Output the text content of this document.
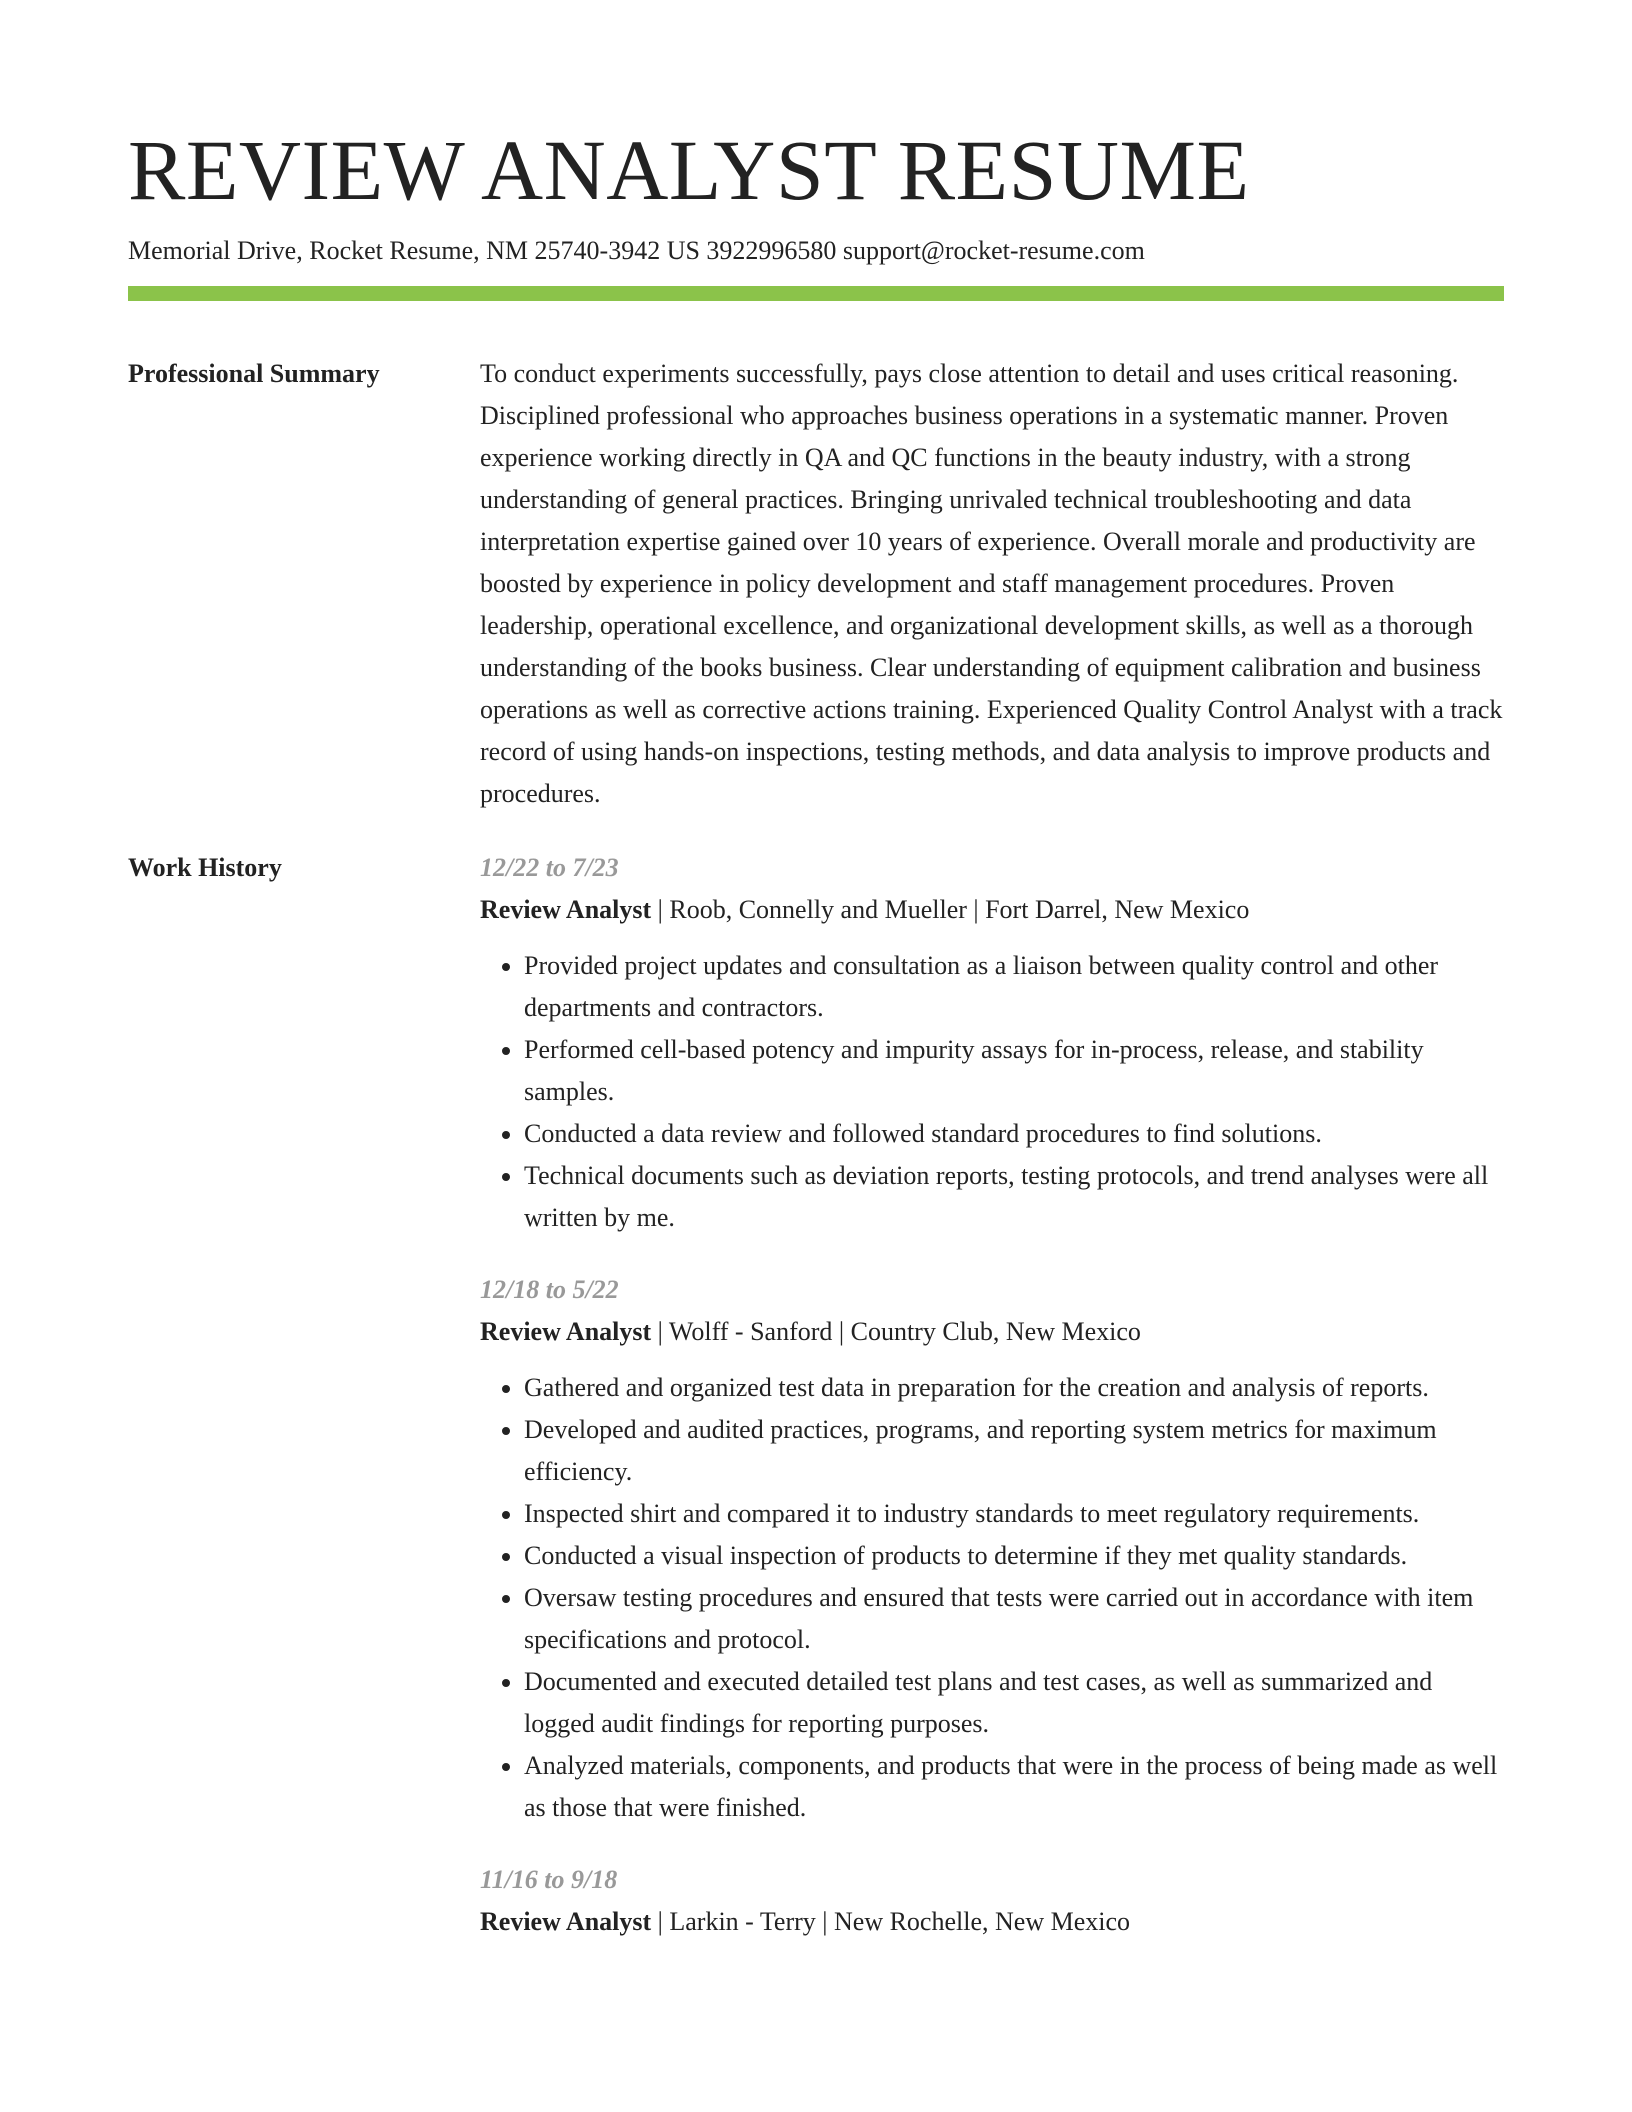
REVIEW ANALYST RESUME
Memorial Drive, Rocket Resume, NM 25740-3942 US 3922996580 support@rocket-resume.com
Professional Summary	To conduct experiments successfully, pays close attention to detail and uses critical reasoning. Disciplined professional who approaches business operations in a systematic manner. Proven experience working directly in QA and QC functions in the beauty industry, with a strong understanding of general practices. Bringing unrivaled technical troubleshooting and data interpretation expertise gained over 10 years of experience. Overall morale and productivity are boosted by experience in policy development and staff management procedures. Proven leadership, operational excellence, and organizational development skills, as well as a thorough understanding of the books business. Clear understanding of equipment calibration and business operations as well as corrective actions training. Experienced Quality Control Analyst with a track record of using hands-on inspections, testing methods, and data analysis to improve products and procedures.

Work History	12/22 to 7/23
Review Analyst | Roob, Connelly and Mueller | Fort Darrel, New Mexico
• Provided project updates and consultation as a liaison between quality control and other departments and contractors.
• Performed cell-based potency and impurity assays for in-process, release, and stability samples.
• Conducted a data review and followed standard procedures to find solutions.
• Technical documents such as deviation reports, testing protocols, and trend analyses were all written by me.
12/18 to 5/22
Review Analyst | Wolff - Sanford | Country Club, New Mexico
• Gathered and organized test data in preparation for the creation and analysis of reports.
• Developed and audited practices, programs, and reporting system metrics for maximum efficiency.
• Inspected shirt and compared it to industry standards to meet regulatory requirements.
• Conducted a visual inspection of products to determine if they met quality standards.
• Oversaw testing procedures and ensured that tests were carried out in accordance with item specifications and protocol.
• Documented and executed detailed test plans and test cases, as well as summarized and logged audit findings for reporting purposes.
• Analyzed materials, components, and products that were in the process of being made as well as those that were finished.
11/16 to 9/18
Review Analyst | Larkin - Terry | New Rochelle, New Mexico
